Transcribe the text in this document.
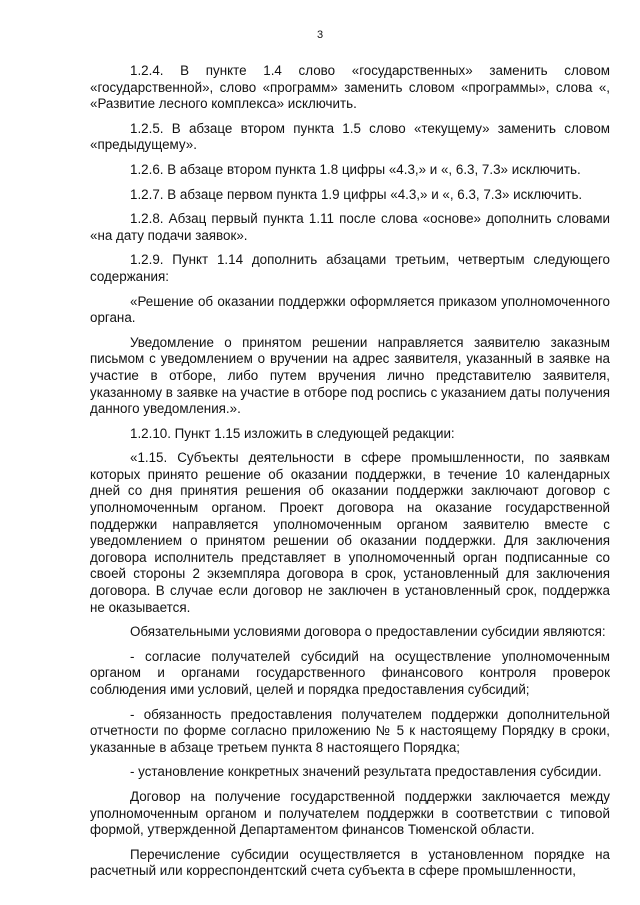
3

1.2.4. В пункте 1.4 слово «государственных» заменить словом «государственной», слово «программ» заменить словом «программы», слова «, «Развитие лесного комплекса» исключить.

1.2.5. В абзаце втором пункта 1.5 слово «текущему» заменить словом «предыдущему».

1.2.6. В абзаце втором пункта 1.8 цифры «4.3,» и «, 6.3, 7.3» исключить.

1.2.7. В абзаце первом пункта 1.9 цифры «4.3,» и «, 6.3, 7.3» исключить.

1.2.8. Абзац первый пункта 1.11 после слова «основе» дополнить словами «на дату подачи заявок».

1.2.9. Пункт 1.14 дополнить абзацами третьим, четвертым следующего содержания:

«Решение об оказании поддержки оформляется приказом уполномоченного органа.

Уведомление о принятом решении направляется заявителю заказным письмом с уведомлением о вручении на адрес заявителя, указанный в заявке на участие в отборе, либо путем вручения лично представителю заявителя, указанному в заявке на участие в отборе под роспись с указанием даты получения данного уведомления.».

1.2.10. Пункт 1.15 изложить в следующей редакции:

«1.15. Субъекты деятельности в сфере промышленности, по заявкам которых принято решение об оказании поддержки, в течение 10 календарных дней со дня принятия решения об оказании поддержки заключают договор с уполномоченным органом. Проект договора на оказание государственной поддержки направляется уполномоченным органом заявителю вместе с уведомлением о принятом решении об оказании поддержки. Для заключения договора исполнитель представляет в уполномоченный орган подписанные со своей стороны 2 экземпляра договора в срок, установленный для заключения договора. В случае если договор не заключен в установленный срок, поддержка не оказывается.

Обязательными условиями договора о предоставлении субсидии являются:

- согласие получателей субсидий на осуществление уполномоченным органом и органами государственного финансового контроля проверок соблюдения ими условий, целей и порядка предоставления субсидий;

- обязанность предоставления получателем поддержки дополнительной отчетности по форме согласно приложению № 5 к настоящему Порядку в сроки, указанные в абзаце третьем пункта 8 настоящего Порядка;

- установление конкретных значений результата предоставления субсидии.

Договор на получение государственной поддержки заключается между уполномоченным органом и получателем поддержки в соответствии с типовой формой, утвержденной Департаментом финансов Тюменской области.

Перечисление субсидии осуществляется в установленном порядке на расчетный или корреспондентский счета субъекта в сфере промышленности,
